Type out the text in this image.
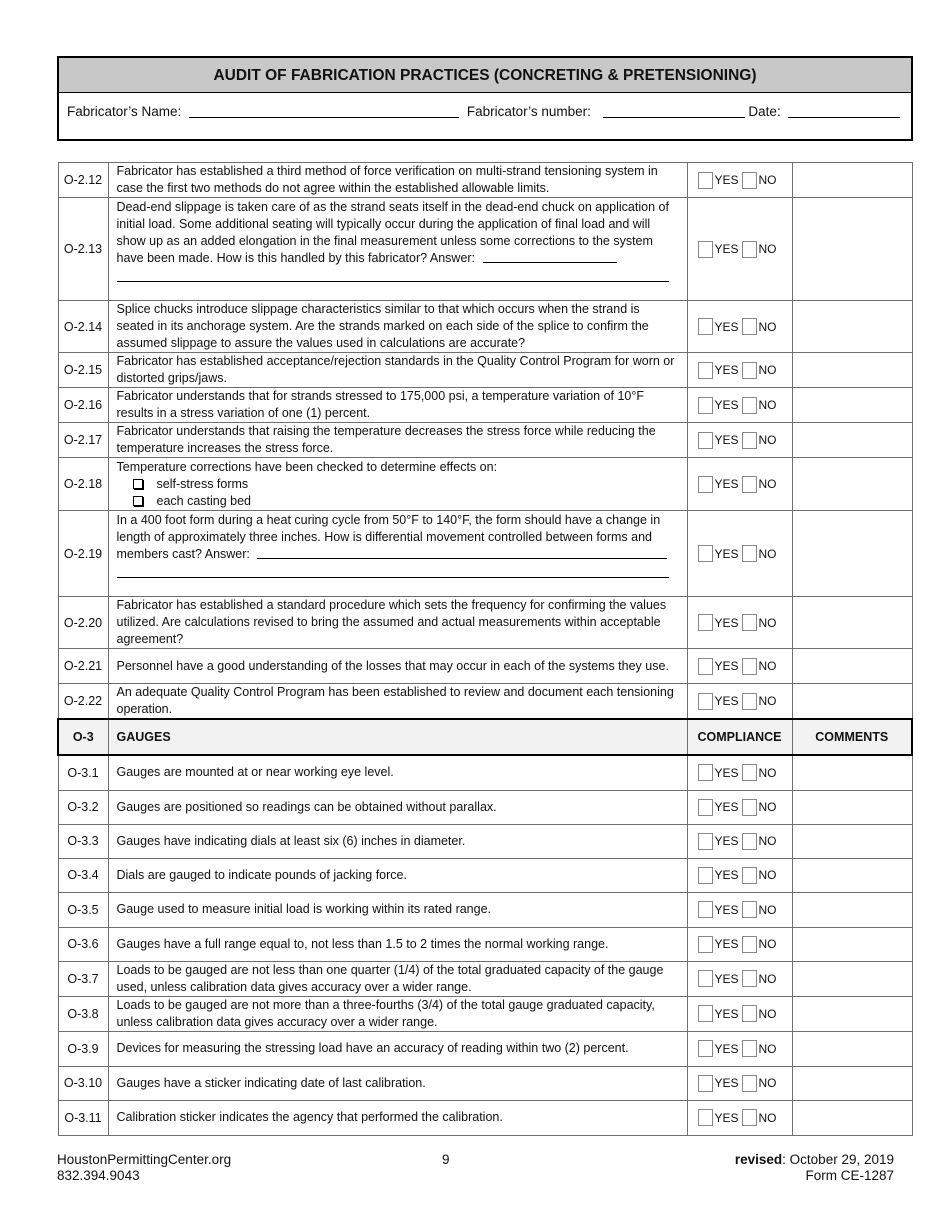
AUDIT OF FABRICATION PRACTICES (CONCRETING & PRETENSIONING)
Fabricator’s Name:	Fabricator’s number:	Date:
O-2.12	Fabricator has established a third method of force verification on multi-strand tensioning system in case the first two methods do not agree within the established allowable limits.	YES NO	

O-2.13	Dead-end slippage is taken care of as the strand seats itself in the dead-end chuck on application of initial load. Some additional seating will typically occur during the application of final load and will show up as an added elongation in the final measurement unless some corrections to the system have been made. How is this handled by this fabricator? Answer:	YES NO	

O-2.14	Splice chucks introduce slippage characteristics similar to that which occurs when the strand is seated in its anchorage system. Are the strands marked on each side of the splice to confirm the assumed slippage to assure the values used in calculations are accurate?	YES NO	

O-2.15	Fabricator has established acceptance/rejection standards in the Quality Control Program for worn or distorted grips/jaws.	YES NO	

O-2.16	Fabricator understands that for strands stressed to 175,000 psi, a temperature variation of 10°F results in a stress variation of one (1) percent.	YES NO	

O-2.17	Fabricator understands that raising the temperature decreases the stress force while reducing the temperature increases the stress force.	YES NO	

O-2.18	Temperature corrections have been checked to determine effects on:
self-stress forms
each casting bed	YES NO	

O-2.19	In a 400 foot form during a heat curing cycle from 50°F to 140°F, the form should have a change in length of approximately three inches. How is differential movement controlled between forms and members cast? Answer:	YES NO	

O-2.20	Fabricator has established a standard procedure which sets the frequency for confirming the values utilized. Are calculations revised to bring the assumed and actual measurements within acceptable agreement?	YES NO	

O-2.21	Personnel have a good understanding of the losses that may occur in each of the systems they use.	YES NO	

O-2.22	An adequate Quality Control Program has been established to review and document each tensioning operation.	YES NO	

O-3	GAUGES	COMPLIANCE	COMMENTS
O-3.1	Gauges are mounted at or near working eye level.	YES NO	

O-3.2	Gauges are positioned so readings can be obtained without parallax.	YES NO	

O-3.3	Gauges have indicating dials at least six (6) inches in diameter.	YES NO	

O-3.4	Dials are gauged to indicate pounds of jacking force.	YES NO	

O-3.5	Gauge used to measure initial load is working within its rated range.	YES NO	

O-3.6	Gauges have a full range equal to, not less than 1.5 to 2 times the normal working range.	YES NO	

O-3.7	Loads to be gauged are not less than one quarter (1/4) of the total graduated capacity of the gauge used, unless calibration data gives accuracy over a wider range.	YES NO	

O-3.8	Loads to be gauged are not more than a three-fourths (3/4) of the total gauge graduated capacity, unless calibration data gives accuracy over a wider range.	YES NO	

O-3.9	Devices for measuring the stressing load have an accuracy of reading within two (2) percent.	YES NO	

O-3.10	Gauges have a sticker indicating date of last calibration.	YES NO	

O-3.11	Calibration sticker indicates the agency that performed the calibration.	YES NO	

HoustonPermittingCenter.org
832.394.9043
9	revised: October 29, 2019
Form CE-1287
